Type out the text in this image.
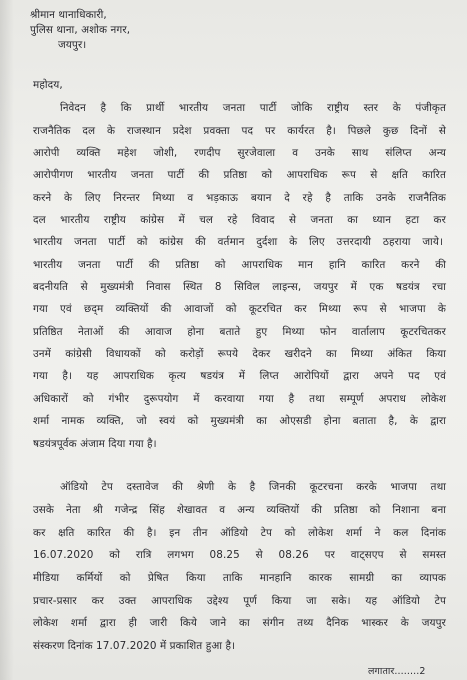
श्रीमान थानाधिकारी,
पुलिस थाना, अशोक नगर,
जयपुर।
महोदय,
निवेदन है कि प्रार्थी भारतीय जनता पार्टी जोकि राष्ट्रीय स्तर के पंजीकृत
राजनैतिक दल के राजस्थान प्रदेश प्रवक्ता पद पर कार्यरत है। पिछले कुछ दिनों से
आरोपी व्यक्ति महेश जोशी, रणदीप सुरजेवाला व उनके साथ संलिप्त अन्य
आरोपीगण भारतीय जनता पार्टी की प्रतिष्ठा को आपराधिक रूप से क्षति कारित
करने के लिए निरन्तर मिथ्या व भड़काऊ बयान दे रहे है ताकि उनके राजनैतिक
दल भारतीय राष्ट्रीय कांग्रेस में चल रहे विवाद से जनता का ध्यान हटा कर
भारतीय जनता पार्टी को कांग्रेस की वर्तमान दुर्दशा के लिए उत्तरदायी ठहराया जाये।
भारतीय जनता पार्टी की प्रतिष्ठा को आपराधिक मान हानि कारित करने की
बदनीयति से मुख्यमंत्री निवास स्थित 8 सिविल लाइन्स, जयपुर में एक षडयंत्र रचा
गया एवं छद्‌म व्यक्तियों की आवाजों को कूटरचित कर मिथ्या रूप से भाजपा के
प्रतिष्ठित नेताओं की आवाज होना बताते हुए मिथ्या फोन वार्तालाप कूटरचितकर
उनमें कांग्रेसी विधायकों को करोड़ों रूपये देकर खरीदने का मिथ्या अंकित किया
गया है। यह आपराधिक कृत्य षडयंत्र में लिप्त आरोपियों द्वारा अपने पद एवं
अधिकारों को गंभीर दुरूपयोग में करवाया गया है तथा सम्पूर्ण अपराध लोकेश
शर्मा नामक व्यक्ति, जो स्वयं को मुख्यमंत्री का ओएसडी होना बताता है, के द्वारा
षडयंत्रपूर्वक अंजाम दिया गया है।
ऑडियो टेप दस्तावेज की श्रेणी के है जिनकी कूटरचना करके भाजपा तथा
उसके नेता श्री गजेन्द्र सिंह शेखावत व अन्य व्यक्तियों की प्रतिष्ठा को निशाना बना
कर क्षति कारित की है। इन तीन ऑडियो टेप को लोकेश शर्मा ने कल दिनांक
16.07.2020 को रात्रि लगभग 08.25 से 08.26 पर वाट्सएप से समस्त
मीडिया कर्मियों को प्रेषित किया ताकि मानहानि कारक सामग्री का व्यापक
प्रचार-प्रसार कर उक्त आपराधिक उद्देश्य पूर्ण किया जा सके। यह ऑडियो टेप
लोकेश शर्मा द्वारा ही जारी किये जाने का संगीन तथ्य दैनिक भास्कर के जयपुर
संस्करण दिनांक 17.07.2020 में प्रकाशित हुआ है।
लगातार........2
